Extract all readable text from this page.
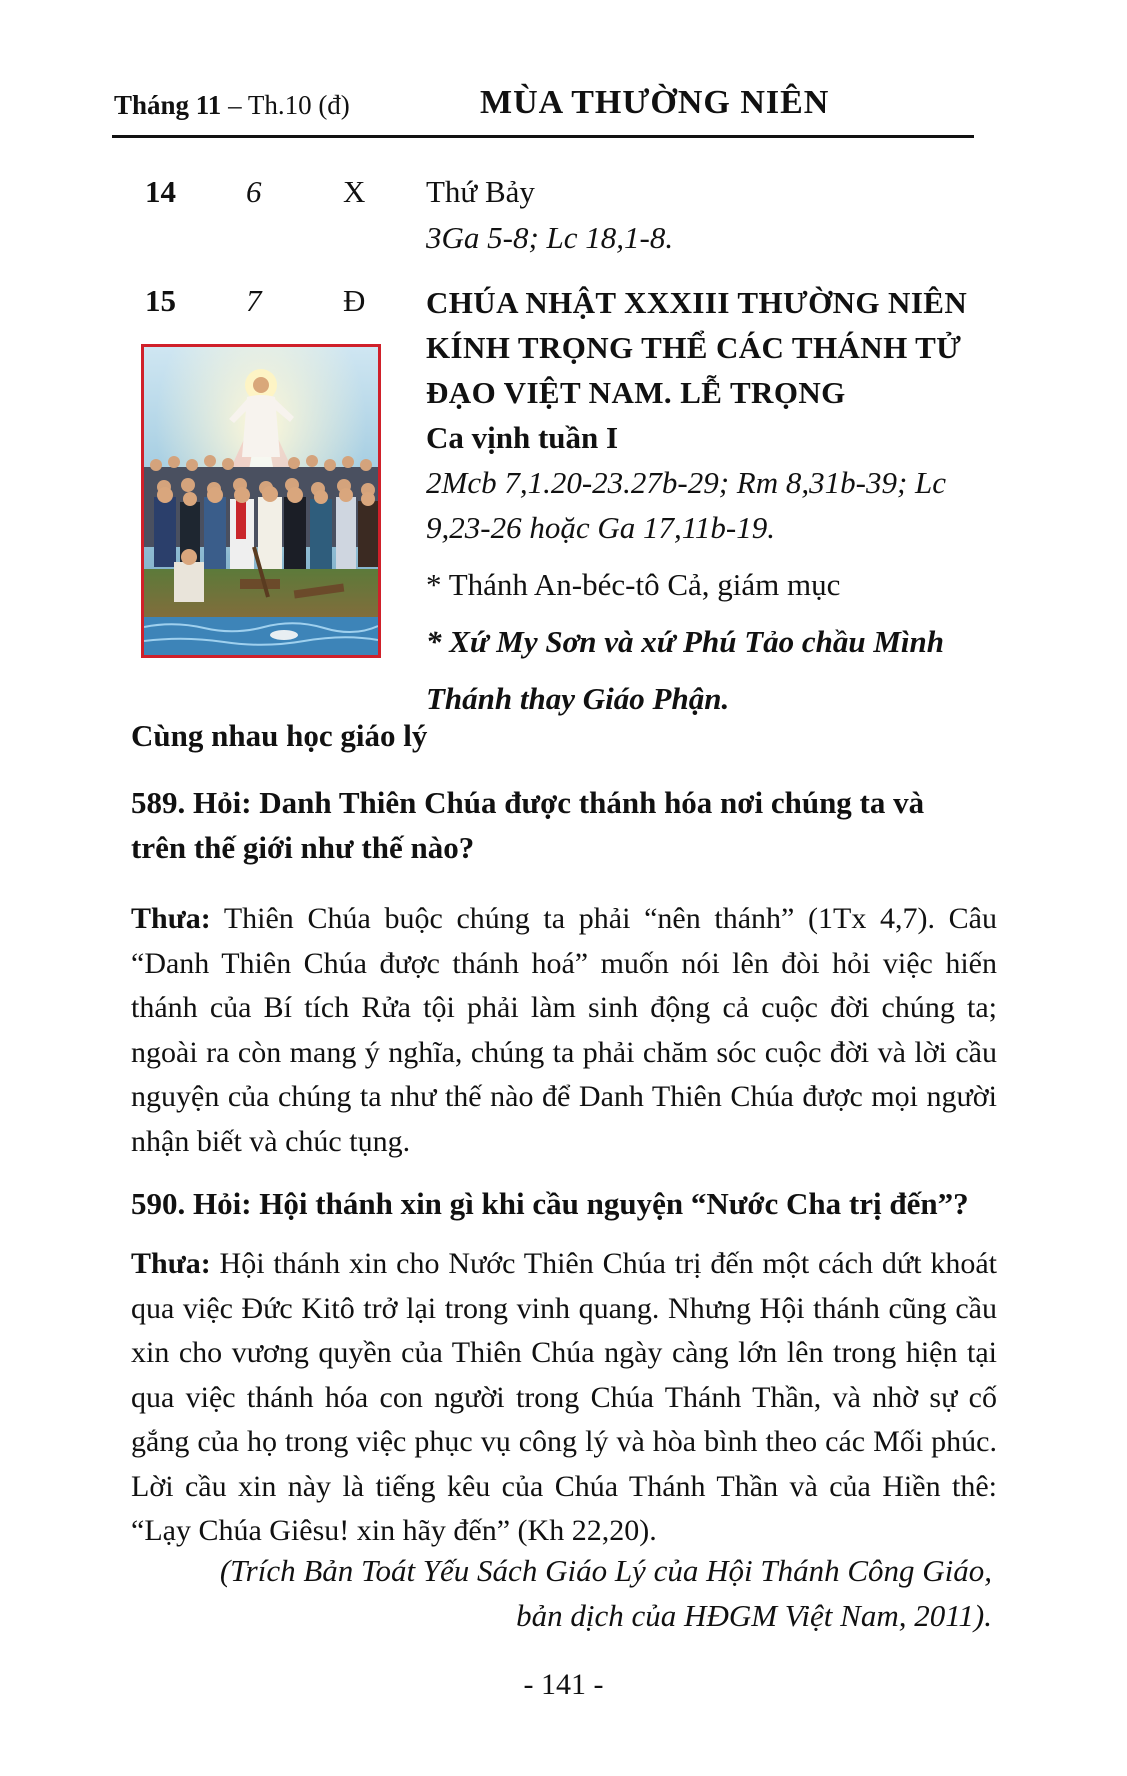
Tháng 11 – Th.10 (đ)	MÙA THƯỜNG NIÊN
14 6	X Thứ Bảy
3Ga 5-8; Lc 18,1-8.
15 7	Đ CHÚA NHẬT XXXIII THƯỜNG NIÊN
KÍNH TRỌNG THỂ CÁC THÁNH TỬ
ĐẠO VIỆT NAM. LỄ TRỌNG
Ca vịnh tuần I
2Mcb 7,1.20-23.27b-29; Rm 8,31b-39; Lc
9,23-26 hoặc Ga 17,11b-19.
* Thánh An-béc-tô Cả, giám mục
* Xứ My Sơn và xứ Phú Tảo chầu Mình
Thánh thay Giáo Phận.
Cùng nhau học giáo lý
589. Hỏi: Danh Thiên Chúa được thánh hóa nơi chúng ta và
trên thế giới như thế nào?
Thưa: Thiên Chúa buộc chúng ta phải “nên thánh” (1Tx 4,7). Câu “Danh Thiên Chúa được thánh hoá” muốn nói lên đòi hỏi việc hiến thánh của Bí tích Rửa tội phải làm sinh động cả cuộc đời chúng ta; ngoài ra còn mang ý nghĩa, chúng ta phải chăm sóc cuộc đời và lời cầu nguyện của chúng ta như thế nào để Danh Thiên Chúa được mọi người nhận biết và chúc tụng.
590. Hỏi: Hội thánh xin gì khi cầu nguyện “Nước Cha trị đến”?
Thưa: Hội thánh xin cho Nước Thiên Chúa trị đến một cách dứt khoát qua việc Đức Kitô trở lại trong vinh quang. Nhưng Hội thánh cũng cầu xin cho vương quyền của Thiên Chúa ngày càng lớn lên trong hiện tại qua việc thánh hóa con người trong Chúa Thánh Thần, và nhờ sự cố gắng của họ trong việc phục vụ công lý và hòa bình theo các Mối phúc. Lời cầu xin này là tiếng kêu của Chúa Thánh Thần và của Hiền thê: “Lạy Chúa Giêsu! xin hãy đến” (Kh 22,20).
(Trích Bản Toát Yếu Sách Giáo Lý của Hội Thánh Công Giáo,
bản dịch của HĐGM Việt Nam, 2011).
- 141 -
